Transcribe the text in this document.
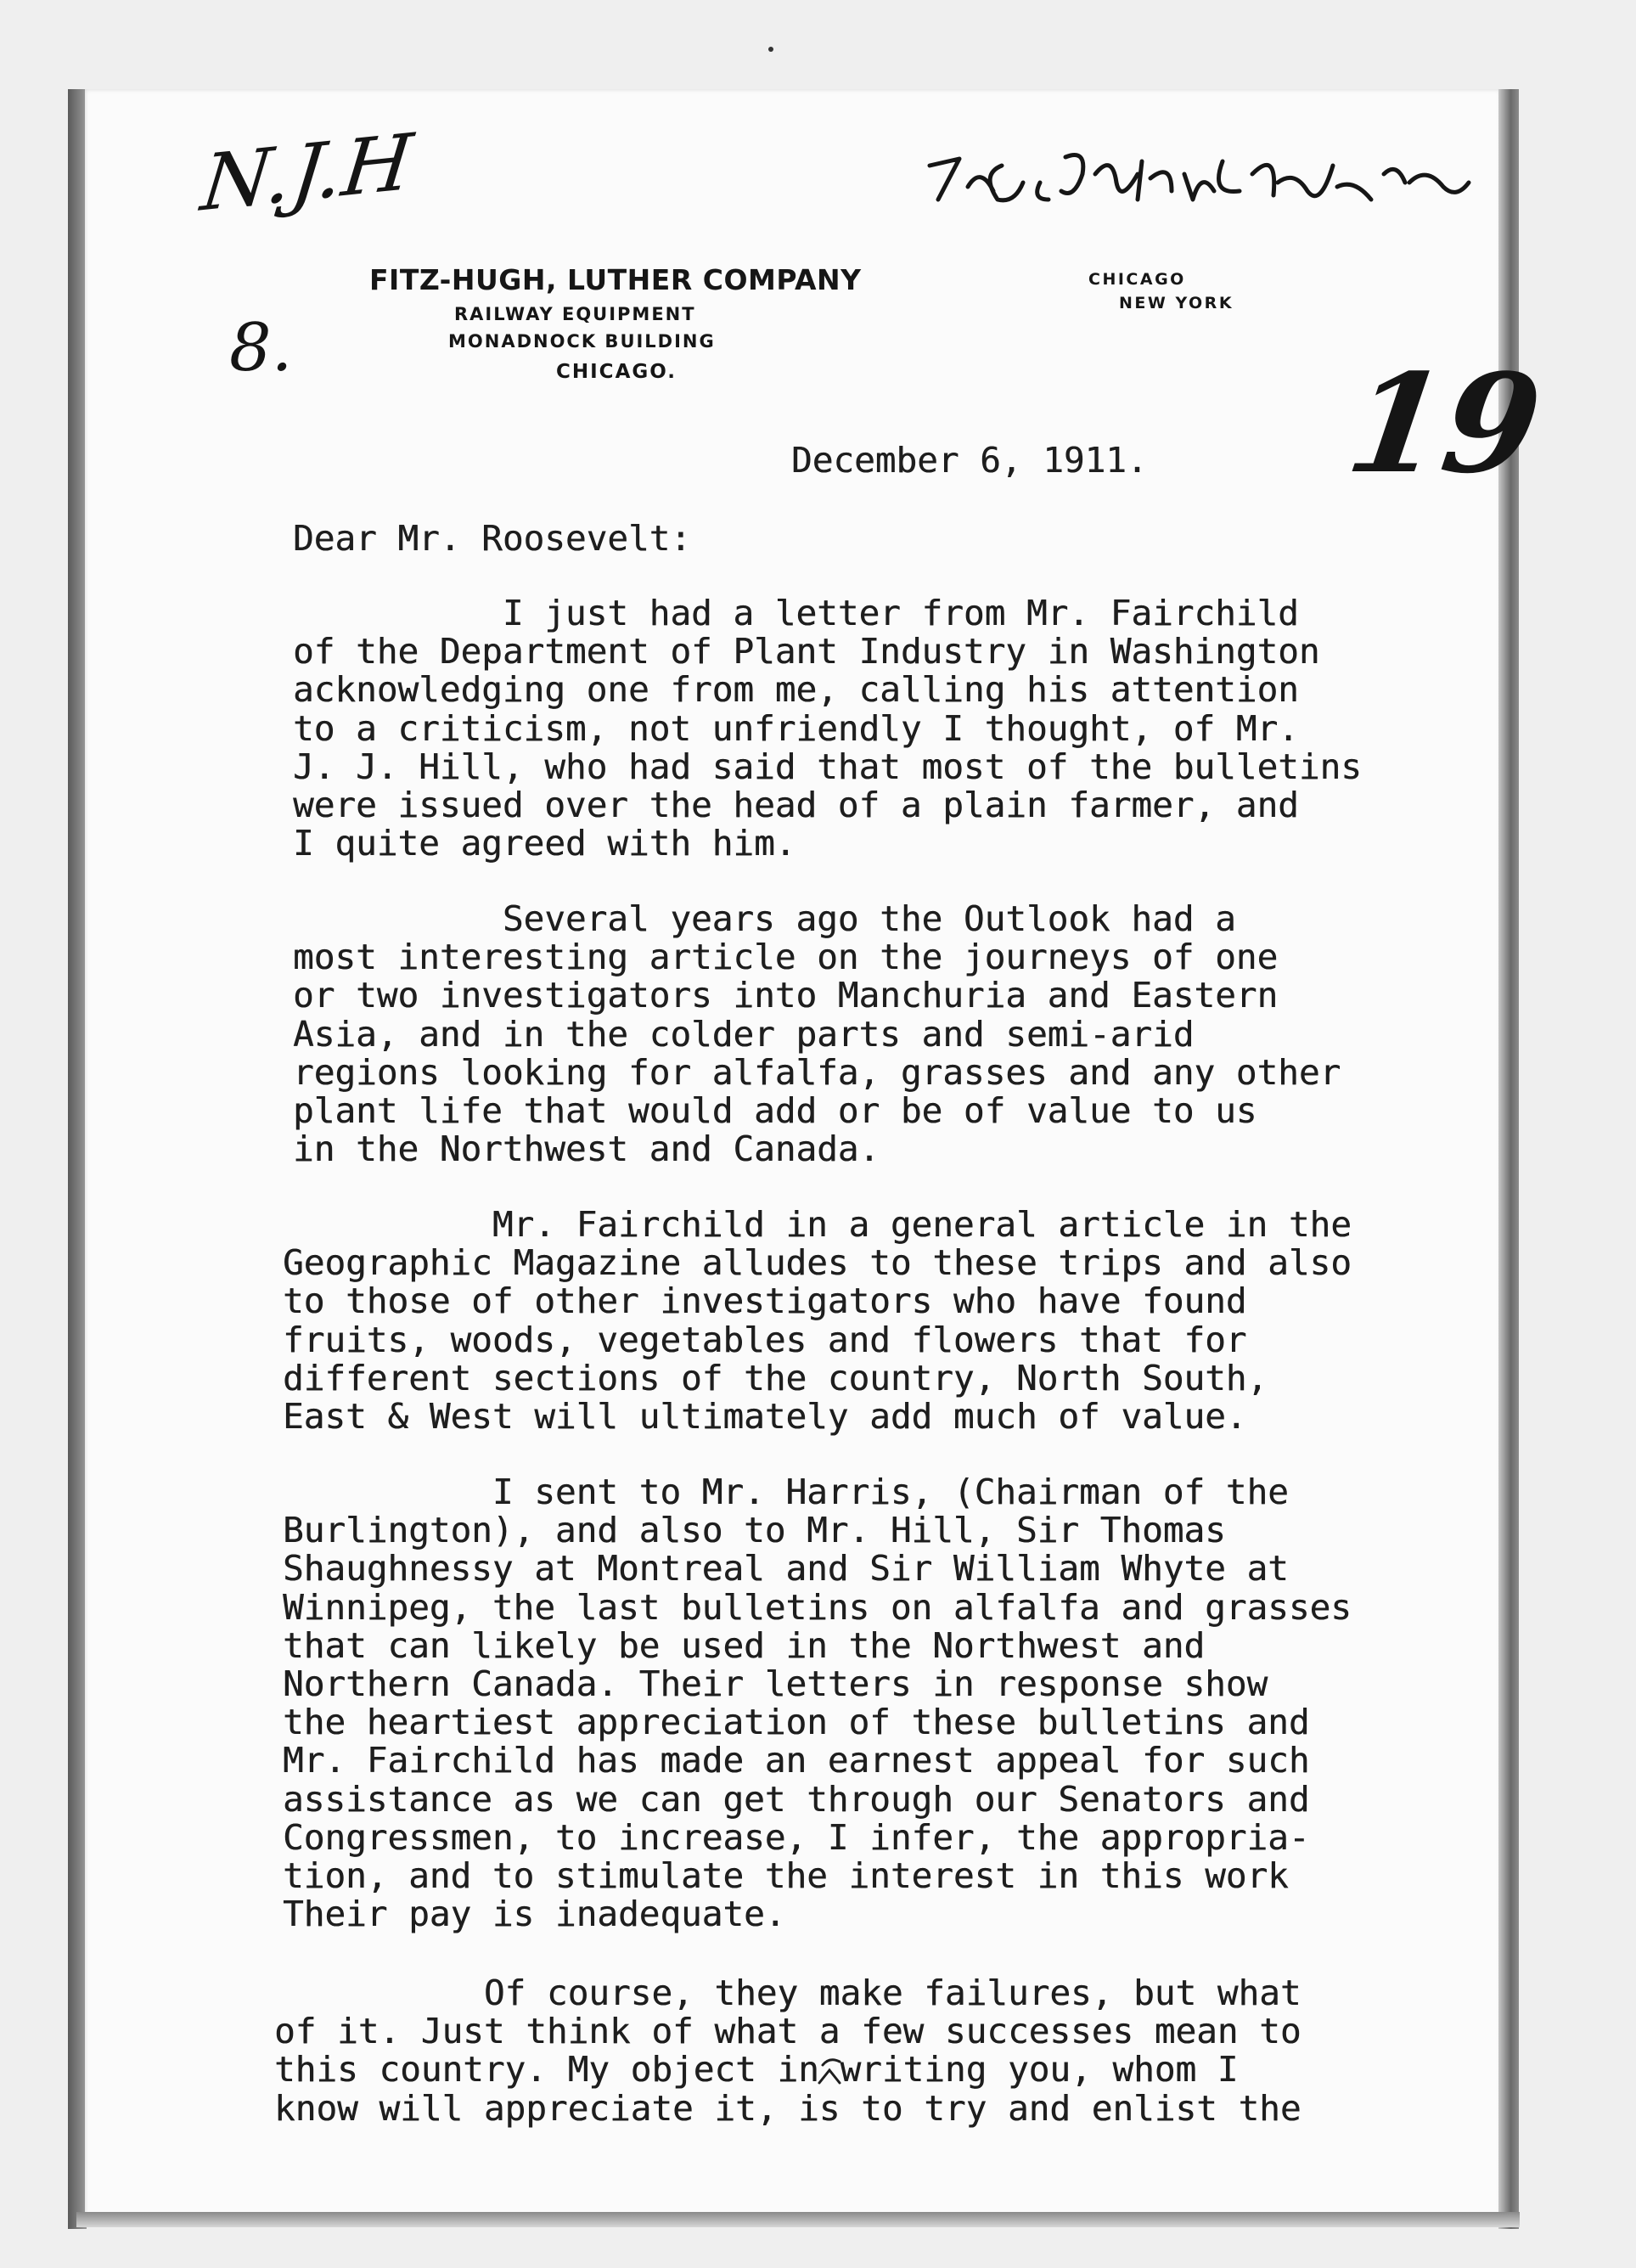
N.J.H
8.	19
FITZ-HUGH, LUTHER COMPANY
RAILWAY EQUIPMENT
MONADNOCK BUILDING
CHICAGO.
CHICAGO
NEW YORK
December 6, 1911.
Dear Mr. Roosevelt:
I just had a letter from Mr. Fairchild
of the Department of Plant Industry in Washington
acknowledging one from me, calling his attention
to a criticism, not unfriendly I thought, of Mr.
J. J. Hill, who had said that most of the bulletins
were issued over the head of a plain farmer, and
I quite agreed with him.
Several years ago the Outlook had a
most interesting article on the journeys of one
or two investigators into Manchuria and Eastern
Asia, and in the colder parts and semi-arid
regions looking for alfalfa, grasses and any other
plant life that would add or be of value to us
in the Northwest and Canada.
Mr. Fairchild in a general article in the
Geographic Magazine alludes to these trips and also
to those of other investigators who have found
fruits, woods, vegetables and flowers that for
different sections of the country, North South,
East & West will ultimately add much of value.
I sent to Mr. Harris, (Chairman of the
Burlington), and also to Mr. Hill, Sir Thomas
Shaughnessy at Montreal and Sir William Whyte at
Winnipeg, the last bulletins on alfalfa and grasses
that can likely be used in the Northwest and
Northern Canada. Their letters in response show
the heartiest appreciation of these bulletins and
Mr. Fairchild has made an earnest appeal for such
assistance as we can get through our Senators and
Congressmen, to increase, I infer, the appropria-
tion, and to stimulate the interest in this work
Their pay is inadequate.
Of course, they make failures, but what
of it. Just think of what a few successes mean to
this country. My object in writing you, whom I
know will appreciate it, is to try and enlist the
